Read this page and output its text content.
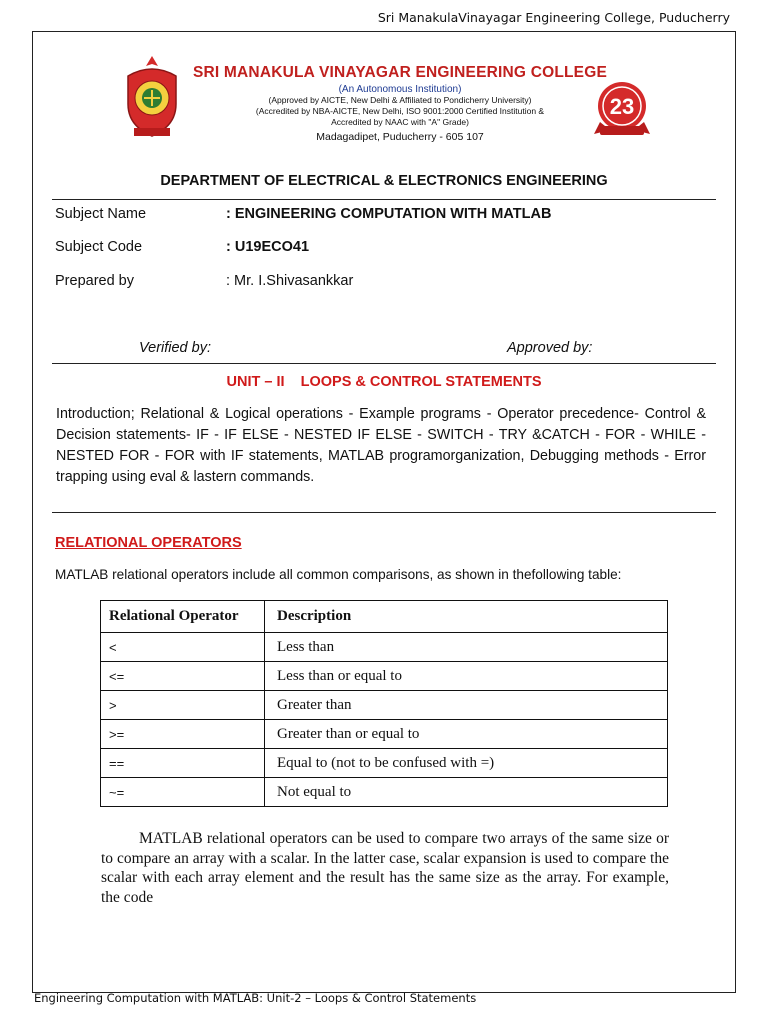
Sri ManakulaVinayagar Engineering College, Puducherry
SRI MANAKULA VINAYAGAR ENGINEERING COLLEGE
(An Autonomous Institution)
(Approved by AICTE, New Delhi & Affiliated to Pondicherry University)
(Accredited by NBA-AICTE, New Delhi, ISO 9001:2000 Certified Institution &
Accredited by NAAC with "A" Grade)
Madagadipet, Puducherry - 605 107
23
DEPARTMENT OF ELECTRICAL & ELECTRONICS ENGINEERING
Subject Name	: ENGINEERING COMPUTATION WITH MATLAB
Subject Code	: U19ECO41
Prepared by	: Mr. I.Shivasankkar
Verified by:	Approved by:
UNIT – II    LOOPS & CONTROL STATEMENTS
Introduction; Relational & Logical operations - Example programs - Operator precedence- Control & Decision statements- IF - IF ELSE - NESTED IF ELSE - SWITCH - TRY &CATCH - FOR - WHILE - NESTED FOR - FOR with IF statements, MATLAB programorganization, Debugging methods - Error trapping using eval & lastern commands.
RELATIONAL OPERATORS
MATLAB relational operators include all common comparisons, as shown in thefollowing table:
Relational Operator	Description
<	Less than
<=	Less than or equal to
>	Greater than
>=	Greater than or equal to
==	Equal to (not to be confused with =)
~=	Not equal to
MATLAB relational operators can be used to compare two arrays of the same size or to compare an array with a scalar. In the latter case, scalar expansion is used to compare the scalar with each array element and the result has the same size as the array. For example, the code
Engineering Computation with MATLAB: Unit-2 – Loops & Control Statements
